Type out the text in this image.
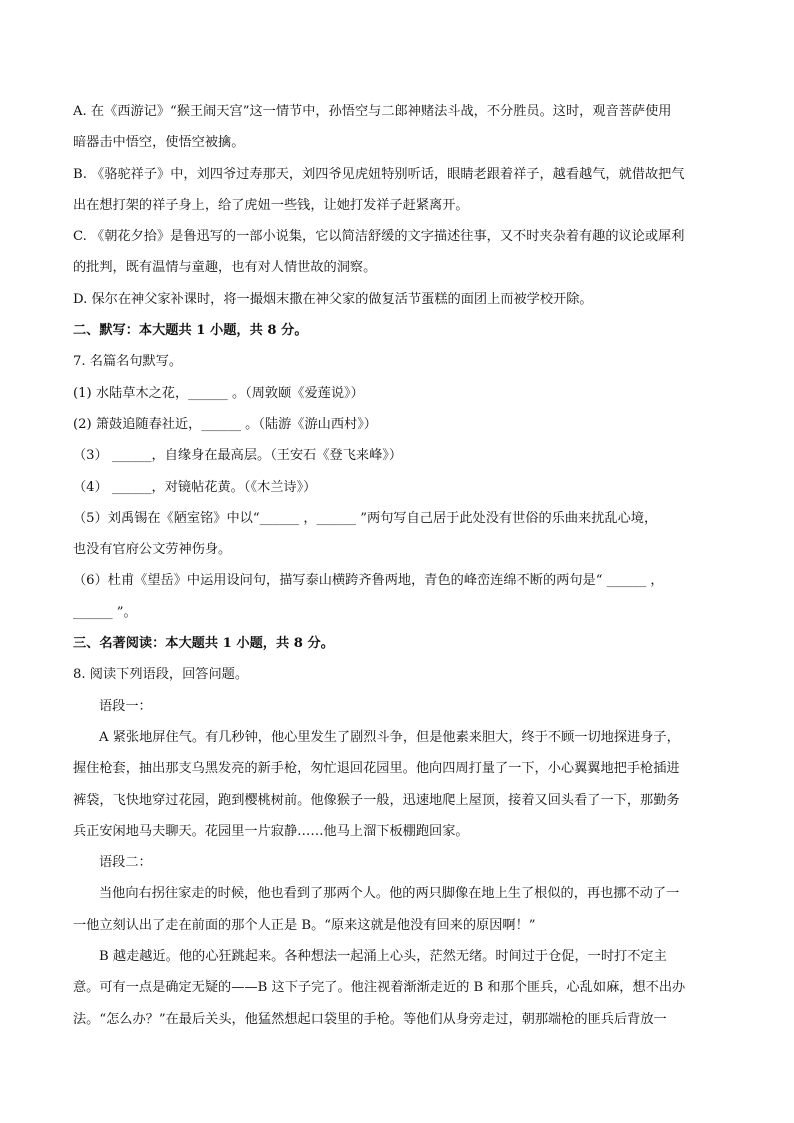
A. 在《西游记》“猴王闹天宫”这一情节中，孙悟空与二郎神赌法斗战，不分胜员。这时，观音菩萨使用
暗器击中悟空，使悟空被擒。
B. 《骆驼祥子》中，刘四爷过寿那天，刘四爷见虎妞特别听话，眼睛老跟着祥子，越看越气，就借故把气
出在想打架的祥子身上，给了虎妞一些钱，让她打发祥子赶紧离开。
C. 《朝花夕拾》是鲁迅写的一部小说集，它以简洁舒缓的文字描述往事，又不时夹杂着有趣的议论或犀利
的批判，既有温情与童趣，也有对人情世故的洞察。
D. 保尔在神父家补课时，将一撮烟末撒在神父家的做复活节蛋糕的面团上而被学校开除。
二、默写：本大题共 1 小题，共 8 分。
7. 名篇名句默写。
(1) 水陆草木之花，______ 。（周敦颐《爱莲说》）
(2) 箫鼓追随春社近，______ 。（陆游《游山西村》）
（3） ______，自缘身在最高层。（王安石《登飞来峰》）
（4） ______，对镜帖花黄。（《木兰诗》）
（5）刘禹锡在《陋室铭》中以“______ ，______ ”两句写自己居于此处没有世俗的乐曲来扰乱心境，
也没有官府公文劳神伤身。
（6）杜甫《望岳》中运用设问句，描写泰山横跨齐鲁两地，青色的峰峦连绵不断的两句是“ ______ ，
______ ”。
三、名著阅读：本大题共 1 小题，共 8 分。
8. 阅读下列语段，回答问题。
语段一：
A 紧张地屏住气。有几秒钟，他心里发生了剧烈斗争，但是他素来胆大，终于不顾一切地探进身子，
握住枪套，抽出那支乌黑发亮的新手枪，匆忙退回花园里。他向四周打量了一下，小心翼翼地把手枪插进
裤袋，飞快地穿过花园，跑到樱桃树前。他像猴子一般，迅速地爬上屋顶，接着又回头看了一下，那勤务
兵正安闲地马夫聊天。花园里一片寂静……他马上溜下板棚跑回家。
语段二：
当他向右拐往家走的时候，他也看到了那两个人。他的两只脚像在地上生了根似的，再也挪不动了一
一他立刻认出了走在前面的那个人正是 B。“原来这就是他没有回来的原因啊！”
B 越走越近。他的心狂跳起来。各种想法一起涌上心头，茫然无绪。时间过于仓促，一时打不定主
意。可有一点是确定无疑的——B 这下子完了。他注视着渐渐走近的 B 和那个匪兵，心乱如麻，想不出办
法。“怎么办？”在最后关头，他猛然想起口袋里的手枪。等他们从身旁走过，朝那端枪的匪兵后背放一
